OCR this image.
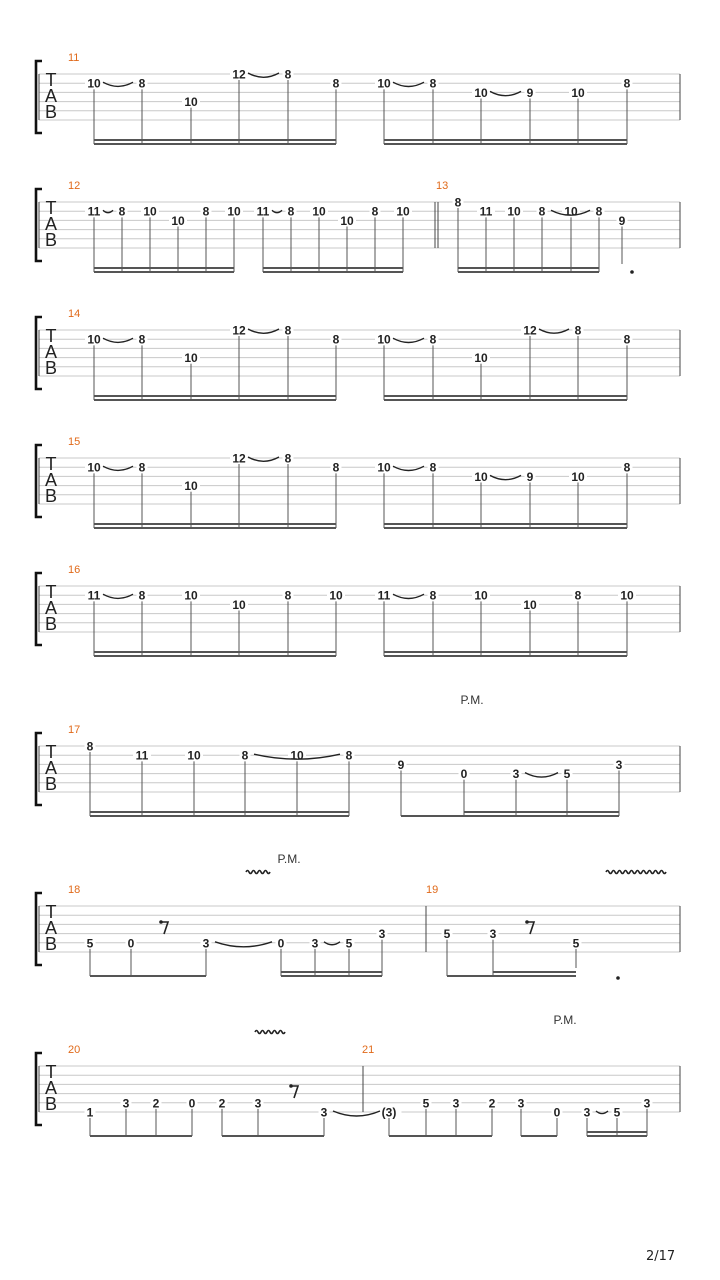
T
A
B
11
10	8
10
12	8
8	10	8
10	9	10
8
T
A
B
12	13
11 8 10
10
8 10 11 8 10
10
8 10
8
11 10 8 10 8
9
T
A
B
14
10	8
10
12	8
8	10	8
10
12	8
8
T
A
B
15
10	8
10
12	8
8	10	8
10	9	10
8
T
A
B
16
11	8	10
10
8	10	11	8	10
10
8	10
T
A
B
17
8
11	10	8	10	8
9
0	3	5
3
T
A
B
18	19
5	0	3	0 3 5
3	5	3
5
T
A
B
20	21
1
3 2 0 2 3
3	(3)
5 3 2 3
0 3 5
3
P.M.
P.M.
P.M.
2/17
